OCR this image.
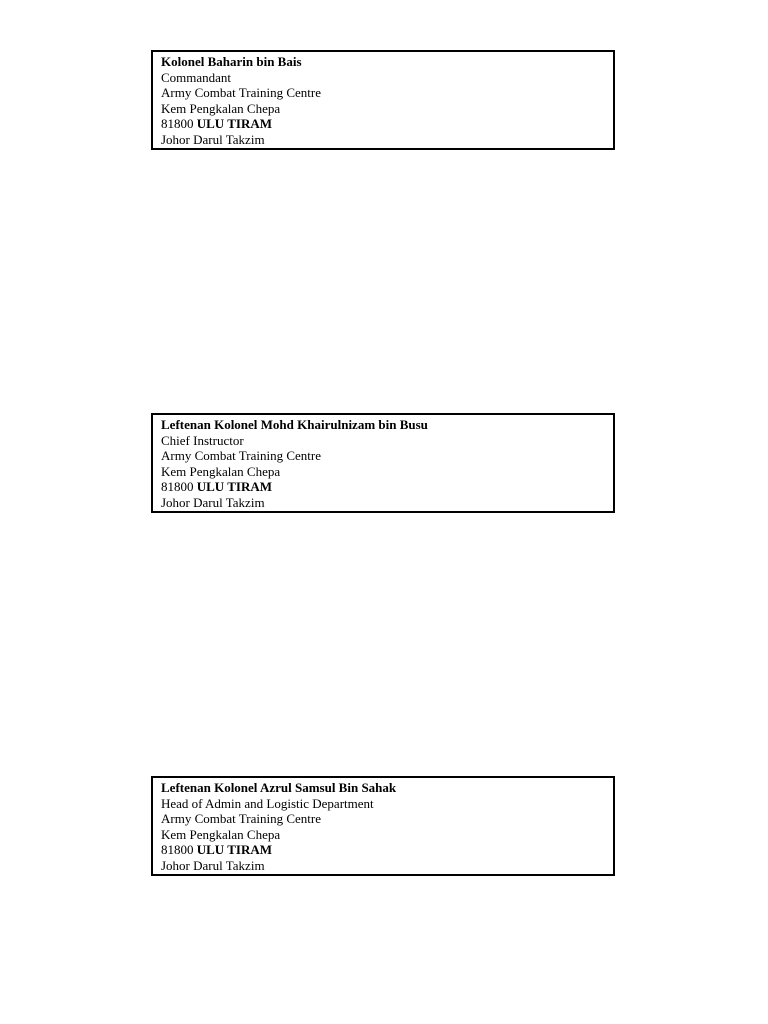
Kolonel Baharin bin Bais
Commandant
Army Combat Training Centre
Kem Pengkalan Chepa
81800 ULU TIRAM
Johor Darul Takzim
Leftenan Kolonel Mohd Khairulnizam bin Busu
Chief Instructor
Army Combat Training Centre
Kem Pengkalan Chepa
81800 ULU TIRAM
Johor Darul Takzim
Leftenan Kolonel Azrul Samsul Bin Sahak
Head of Admin and Logistic Department
Army Combat Training Centre
Kem Pengkalan Chepa
81800 ULU TIRAM
Johor Darul Takzim
